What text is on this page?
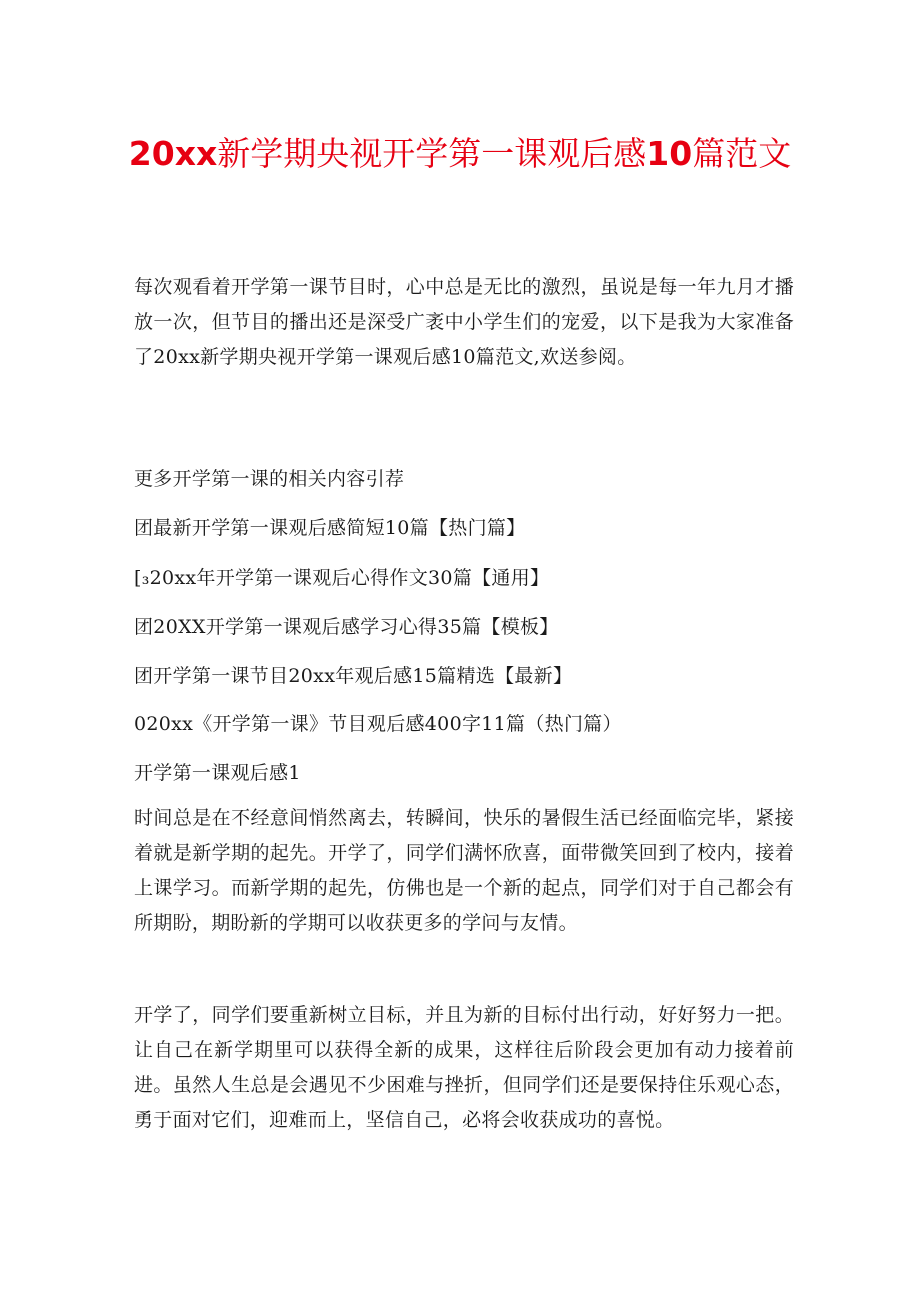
20xx新学期央视开学第一课观后感10篇范文

每次观看着开学第一课节目时，心中总是无比的激烈，虽说是每一年九月才播放一次，但节目的播出还是深受广袤中小学生们的宠爱，以下是我为大家准备了20xx新学期央视开学第一课观后感10篇范文,欢送参阅。

更多开学第一课的相关内容引荐

团最新开学第一课观后感简短10篇【热门篇】

[₃20xx年开学第一课观后心得作文30篇【通用】

团20XX开学第一课观后感学习心得35篇【模板】

团开学第一课节目20xx年观后感15篇精选【最新】

020xx《开学第一课》节目观后感400字11篇（热门篇）

开学第一课观后感1

时间总是在不经意间悄然离去，转瞬间，快乐的暑假生活已经面临完毕，紧接着就是新学期的起先。开学了，同学们满怀欣喜，面带微笑回到了校内，接着上课学习。而新学期的起先，仿佛也是一个新的起点，同学们对于自己都会有所期盼，期盼新的学期可以收获更多的学问与友情。

开学了，同学们要重新树立目标，并且为新的目标付出行动，好好努力一把。让自己在新学期里可以获得全新的成果，这样往后阶段会更加有动力接着前进。虽然人生总是会遇见不少困难与挫折，但同学们还是要保持住乐观心态，勇于面对它们，迎难而上，坚信自己，必将会收获成功的喜悦。
